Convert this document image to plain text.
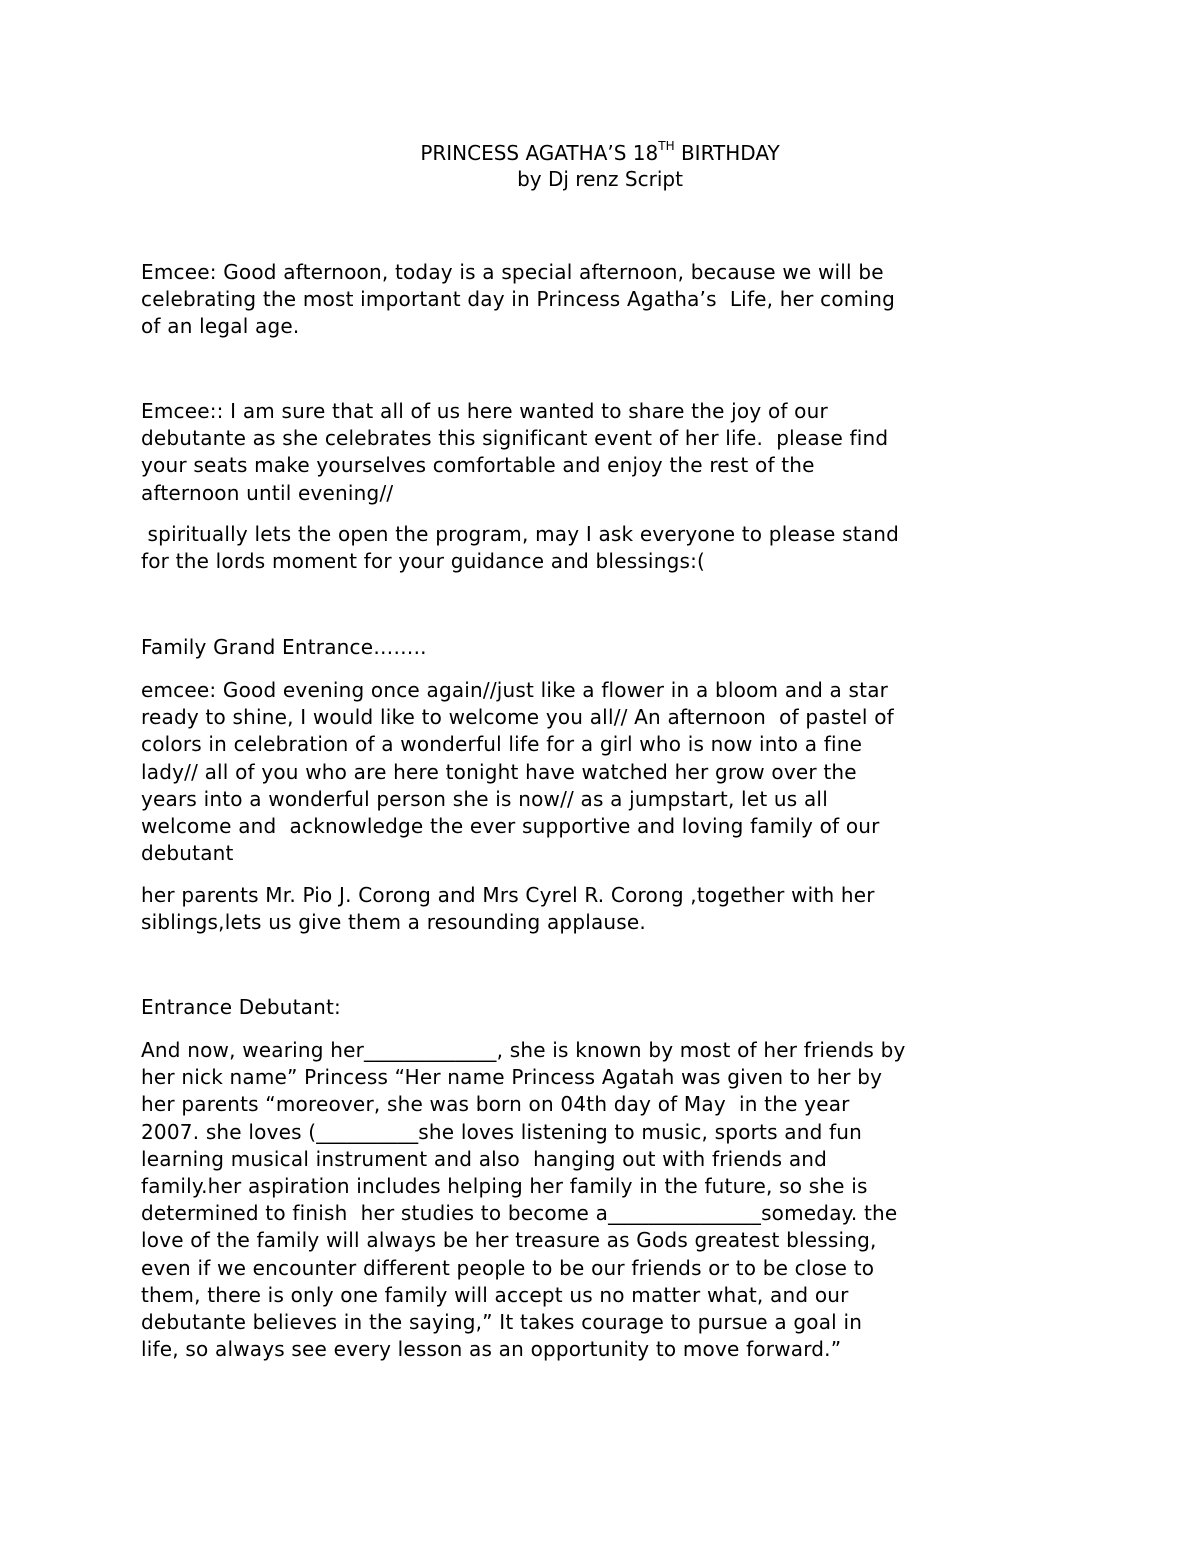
PRINCESS AGATHA’S 18TH BIRTHDAY
by Dj renz Script
Emcee: Good afternoon, today is a special afternoon, because we will be
celebrating the most important day in Princess Agatha’s  Life, her coming
of an legal age.
Emcee:: I am sure that all of us here wanted to share the joy of our
debutante as she celebrates this significant event of her life.  please find
your seats make yourselves comfortable and enjoy the rest of the
afternoon until evening//
spiritually lets the open the program, may I ask everyone to please stand
for the lords moment for your guidance and blessings:(
Family Grand Entrance……..
emcee: Good evening once again//just like a flower in a bloom and a star
ready to shine, I would like to welcome you all// An afternoon  of pastel of
colors in celebration of a wonderful life for a girl who is now into a fine
lady// all of you who are here tonight have watched her grow over the
years into a wonderful person she is now// as a jumpstart, let us all
welcome and  acknowledge the ever supportive and loving family of our
debutant
her parents Mr. Pio J. Corong and Mrs Cyrel R. Corong ,together with her
siblings,lets us give them a resounding applause.
Entrance Debutant:
And now, wearing her_____________, she is known by most of her friends by
her nick name” Princess “Her name Princess Agatah was given to her by
her parents “moreover, she was born on 04th day of May  in the year
2007. she loves (__________she loves listening to music, sports and fun
learning musical instrument and also  hanging out with friends and
family.her aspiration includes helping her family in the future, so she is
determined to finish  her studies to become a_______________someday. the
love of the family will always be her treasure as Gods greatest blessing,
even if we encounter different people to be our friends or to be close to
them, there is only one family will accept us no matter what, and our
debutante believes in the saying,” It takes courage to pursue a goal in
life, so always see every lesson as an opportunity to move forward.”
